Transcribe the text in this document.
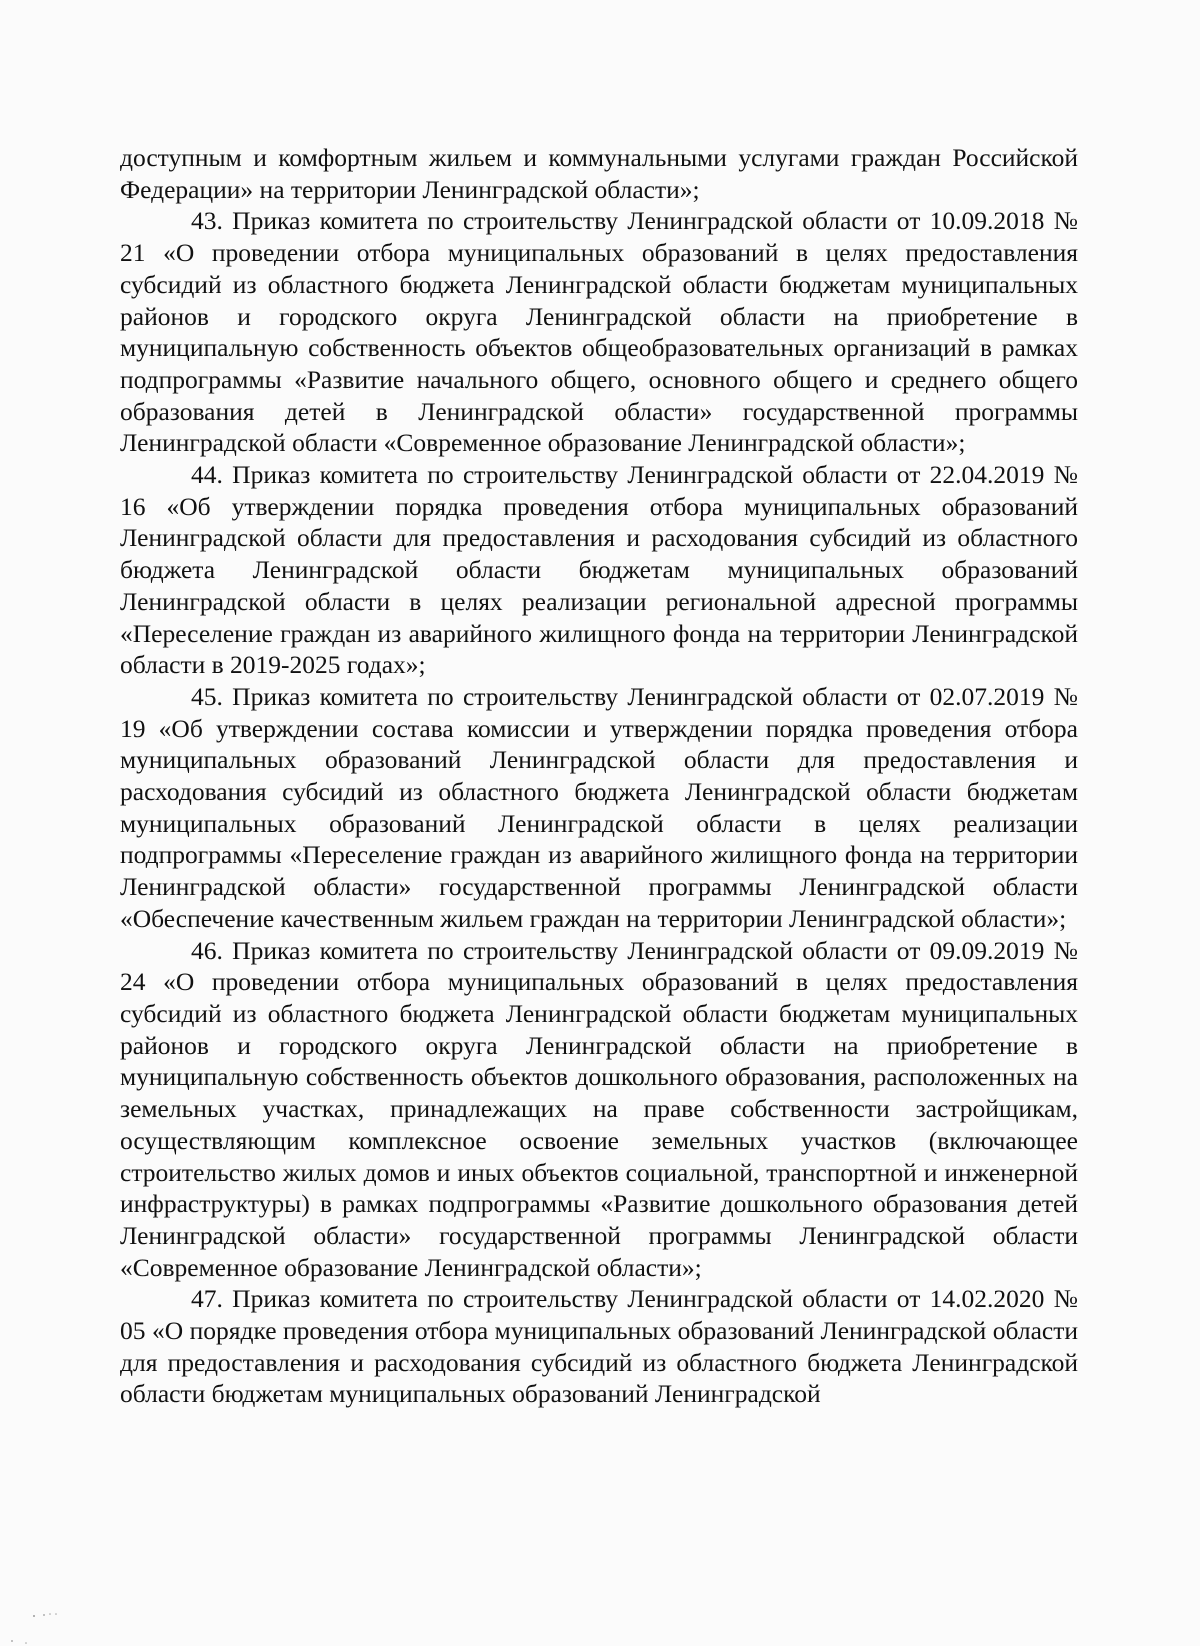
доступным и комфортным жильем и коммунальными услугами граждан Российской Федерации» на территории Ленинградской области»;

43. Приказ комитета по строительству Ленинградской области от 10.09.2018 № 21 «О проведении отбора муниципальных образований в целях предоставления субсидий из областного бюджета Ленинградской области бюджетам муниципальных районов и городского округа Ленинградской области на приобретение в муниципальную собственность объектов общеобразовательных организаций в рамках подпрограммы «Развитие начального общего, основного общего и среднего общего образования детей в Ленинградской области» государственной программы Ленинградской области «Современное образование Ленинградской области»;

44. Приказ комитета по строительству Ленинградской области от 22.04.2019 № 16 «Об утверждении порядка проведения отбора муниципальных образований Ленинградской области для предоставления и расходования субсидий из областного бюджета Ленинградской области бюджетам муниципальных образований Ленинградской области в целях реализации региональной адресной программы «Переселение граждан из аварийного жилищного фонда на территории Ленинградской области в 2019-2025 годах»;

45. Приказ комитета по строительству Ленинградской области от 02.07.2019 № 19 «Об утверждении состава комиссии и утверждении порядка проведения отбора муниципальных образований Ленинградской области для предоставления и расходования субсидий из областного бюджета Ленинградской области бюджетам муниципальных образований Ленинградской области в целях реализации подпрограммы «Переселение граждан из аварийного жилищного фонда на территории Ленинградской области» государственной программы Ленинградской области «Обеспечение качественным жильем граждан на территории Ленинградской области»;

46. Приказ комитета по строительству Ленинградской области от 09.09.2019 № 24 «О проведении отбора муниципальных образований в целях предоставления субсидий из областного бюджета Ленинградской области бюджетам муниципальных районов и городского округа Ленинградской области на приобретение в муниципальную собственность объектов дошкольного образования, расположенных на земельных участках, принадлежащих на праве собственности застройщикам, осуществляющим комплексное освоение земельных участков (включающее строительство жилых домов и иных объектов социальной, транспортной и инженерной инфраструктуры) в рамках подпрограммы «Развитие дошкольного образования детей Ленинградской области» государственной программы Ленинградской области «Современное образование Ленинградской области»;

47. Приказ комитета по строительству Ленинградской области от 14.02.2020 № 05 «О порядке проведения отбора муниципальных образований Ленинградской области для предоставления и расходования субсидий из областного бюджета Ленинградской области бюджетам муниципальных образований Ленинградской
